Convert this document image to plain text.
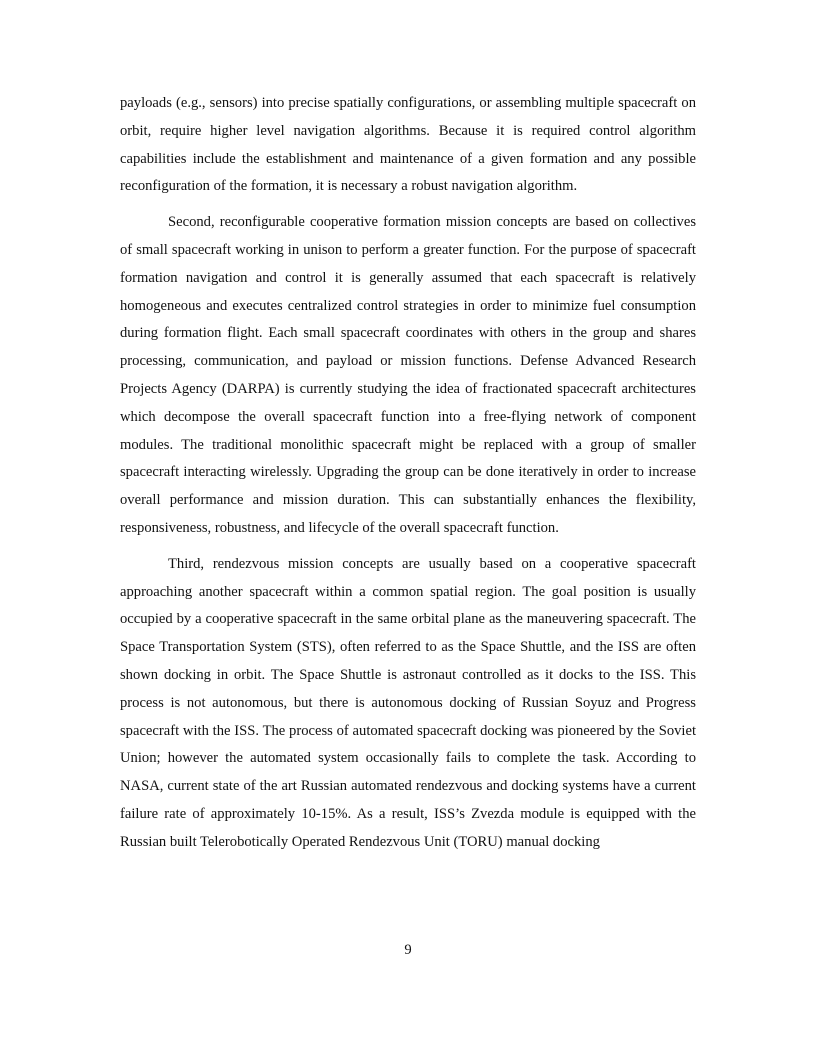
payloads (e.g., sensors) into precise spatially configurations, or assembling multiple spacecraft on orbit, require higher level navigation algorithms. Because it is required control algorithm capabilities include the establishment and maintenance of a given formation and any possible reconfiguration of the formation, it is necessary a robust navigation algorithm.

Second, reconfigurable cooperative formation mission concepts are based on collectives of small spacecraft working in unison to perform a greater function. For the purpose of spacecraft formation navigation and control it is generally assumed that each spacecraft is relatively homogeneous and executes centralized control strategies in order to minimize fuel consumption during formation flight. Each small spacecraft coordinates with others in the group and shares processing, communication, and payload or mission functions. Defense Advanced Research Projects Agency (DARPA) is currently studying the idea of fractionated spacecraft architectures which decompose the overall spacecraft function into a free-flying network of component modules. The traditional monolithic spacecraft might be replaced with a group of smaller spacecraft interacting wirelessly. Upgrading the group can be done iteratively in order to increase overall performance and mission duration. This can substantially enhances the flexibility, responsiveness, robustness, and lifecycle of the overall spacecraft function.

Third, rendezvous mission concepts are usually based on a cooperative spacecraft approaching another spacecraft within a common spatial region. The goal position is usually occupied by a cooperative spacecraft in the same orbital plane as the maneuvering spacecraft. The Space Transportation System (STS), often referred to as the Space Shuttle, and the ISS are often shown docking in orbit. The Space Shuttle is astronaut controlled as it docks to the ISS. This process is not autonomous, but there is autonomous docking of Russian Soyuz and Progress spacecraft with the ISS. The process of automated spacecraft docking was pioneered by the Soviet Union; however the automated system occasionally fails to complete the task. According to NASA, current state of the art Russian automated rendezvous and docking systems have a current failure rate of approximately 10-15%. As a result, ISS’s Zvezda module is equipped with the Russian built Telerobotically Operated Rendezvous Unit (TORU) manual docking

9
